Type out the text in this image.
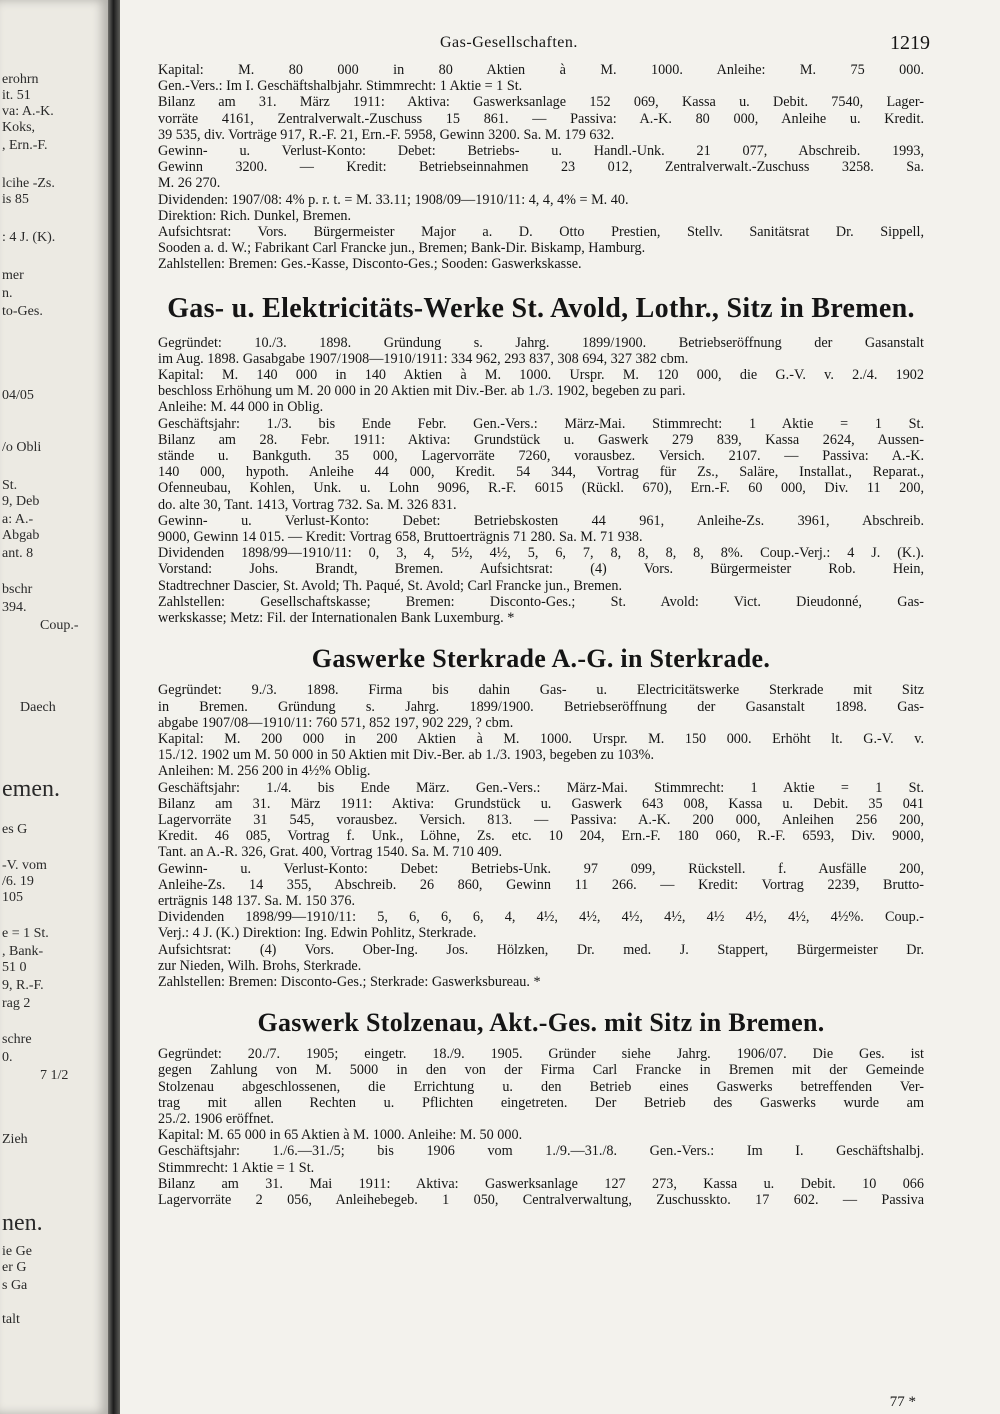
erohrn
it. 51
va: A.-K.
Koks,
, Ern.-F.
lcihe -Zs.
is 85
: 4 J. (K).
mer
n.
to-Ges.
04/05
/o Obli
St.
9, Deb
a: A.-
Abgab
ant. 8
bschr
394.
Coup.-
Daech
emen.
es G
-V. vom
/6. 19
105
e = 1 St.
, Bank-
51 0
9, R.-F.
rag 2
schre
0.
7 1/2
Zieh
nen.
ie Ge
er G
s Ga
talt
Gas-Gesellschaften.	1219
Kapital: M. 80 000 in 80 Aktien à M. 1000. Anleihe: M. 75 000.
Gen.-Vers.: Im I. Geschäftshalbjahr. Stimmrecht: 1 Aktie = 1 St.
Bilanz am 31. März 1911: Aktiva: Gaswerksanlage 152 069, Kassa u. Debit. 7540, Lager-
vorräte 4161, Zentralverwalt.-Zuschuss 15 861. — Passiva: A.-K. 80 000, Anleihe u. Kredit.
39 535, div. Vorträge 917, R.-F. 21, Ern.-F. 5958, Gewinn 3200. Sa. M. 179 632.
Gewinn- u. Verlust-Konto: Debet: Betriebs- u. Handl.-Unk. 21 077, Abschreib. 1993,
Gewinn 3200. — Kredit: Betriebseinnahmen 23 012, Zentralverwalt.-Zuschuss 3258. Sa.
M. 26 270.
Dividenden: 1907/08: 4% p. r. t. = M. 33.11; 1908/09—1910/11: 4, 4, 4% = M. 40.
Direktion: Rich. Dunkel, Bremen.
Aufsichtsrat: Vors. Bürgermeister Major a. D. Otto Prestien, Stellv. Sanitätsrat Dr. Sippell,
Sooden a. d. W.; Fabrikant Carl Francke jun., Bremen; Bank-Dir. Biskamp, Hamburg.
Zahlstellen: Bremen: Ges.-Kasse, Disconto-Ges.; Sooden: Gaswerkskasse.
Gas- u. Elektricitäts-Werke St. Avold, Lothr., Sitz in Bremen.
Gegründet: 10./3. 1898. Gründung s. Jahrg. 1899/1900. Betriebseröffnung der Gasanstalt
im Aug. 1898. Gasabgabe 1907/1908—1910/1911: 334 962, 293 837, 308 694, 327 382 cbm.
Kapital: M. 140 000 in 140 Aktien à M. 1000. Urspr. M. 120 000, die G.-V. v. 2./4. 1902
beschloss Erhöhung um M. 20 000 in 20 Aktien mit Div.-Ber. ab 1./3. 1902, begeben zu pari.
Anleihe: M. 44 000 in Oblig.
Geschäftsjahr: 1./3. bis Ende Febr. Gen.-Vers.: März-Mai. Stimmrecht: 1 Aktie = 1 St.
Bilanz am 28. Febr. 1911: Aktiva: Grundstück u. Gaswerk 279 839, Kassa 2624, Aussen-
stände u. Bankguth. 35 000, Lagervorräte 7260, vorausbez. Versich. 2107. — Passiva: A.-K.
140 000, hypoth. Anleihe 44 000, Kredit. 54 344, Vortrag für Zs., Saläre, Installat., Reparat.,
Ofenneubau, Kohlen, Unk. u. Lohn 9096, R.-F. 6015 (Rückl. 670), Ern.-F. 60 000, Div. 11 200,
do. alte 30, Tant. 1413, Vortrag 732. Sa. M. 326 831.
Gewinn- u. Verlust-Konto: Debet: Betriebskosten 44 961, Anleihe-Zs. 3961, Abschreib.
9000, Gewinn 14 015. — Kredit: Vortrag 658, Bruttoerträgnis 71 280. Sa. M. 71 938.
Dividenden 1898/99—1910/11: 0, 3, 4, 5½, 4½, 5, 6, 7, 8, 8, 8, 8, 8%. Coup.-Verj.: 4 J. (K.).
Vorstand: Johs. Brandt, Bremen. Aufsichtsrat: (4) Vors. Bürgermeister Rob. Hein,
Stadtrechner Dascier, St. Avold; Th. Paqué, St. Avold; Carl Francke jun., Bremen.
Zahlstellen: Gesellschaftskasse; Bremen: Disconto-Ges.; St. Avold: Vict. Dieudonné, Gas-
werkskasse; Metz: Fil. der Internationalen Bank Luxemburg. *
Gaswerke Sterkrade A.-G. in Sterkrade.
Gegründet: 9./3. 1898. Firma bis dahin Gas- u. Electricitätswerke Sterkrade mit Sitz
in Bremen. Gründung s. Jahrg. 1899/1900. Betriebseröffnung der Gasanstalt 1898. Gas-
abgabe 1907/08—1910/11: 760 571, 852 197, 902 229, ? cbm.
Kapital: M. 200 000 in 200 Aktien à M. 1000. Urspr. M. 150 000. Erhöht lt. G.-V. v.
15./12. 1902 um M. 50 000 in 50 Aktien mit Div.-Ber. ab 1./3. 1903, begeben zu 103%.
Anleihen: M. 256 200 in 4½% Oblig.
Geschäftsjahr: 1./4. bis Ende März. Gen.-Vers.: März-Mai. Stimmrecht: 1 Aktie = 1 St.
Bilanz am 31. März 1911: Aktiva: Grundstück u. Gaswerk 643 008, Kassa u. Debit. 35 041
Lagervorräte 31 545, vorausbez. Versich. 813. — Passiva: A.-K. 200 000, Anleihen 256 200,
Kredit. 46 085, Vortrag f. Unk., Löhne, Zs. etc. 10 204, Ern.-F. 180 060, R.-F. 6593, Div. 9000,
Tant. an A.-R. 326, Grat. 400, Vortrag 1540. Sa. M. 710 409.
Gewinn- u. Verlust-Konto: Debet: Betriebs-Unk. 97 099, Rückstell. f. Ausfälle 200,
Anleihe-Zs. 14 355, Abschreib. 26 860, Gewinn 11 266. — Kredit: Vortrag 2239, Brutto-
erträgnis 148 137. Sa. M. 150 376.
Dividenden 1898/99—1910/11: 5, 6, 6, 6, 4, 4½, 4½, 4½, 4½, 4½ 4½, 4½, 4½%. Coup.-
Verj.: 4 J. (K.) Direktion: Ing. Edwin Pohlitz, Sterkrade.
Aufsichtsrat: (4) Vors. Ober-Ing. Jos. Hölzken, Dr. med. J. Stappert, Bürgermeister Dr.
zur Nieden, Wilh. Brohs, Sterkrade.
Zahlstellen: Bremen: Disconto-Ges.; Sterkrade: Gaswerksbureau. *
Gaswerk Stolzenau, Akt.-Ges. mit Sitz in Bremen.
Gegründet: 20./7. 1905; eingetr. 18./9. 1905. Gründer siehe Jahrg. 1906/07. Die Ges. ist
gegen Zahlung von M. 5000 in den von der Firma Carl Francke in Bremen mit der Gemeinde
Stolzenau abgeschlossenen, die Errichtung u. den Betrieb eines Gaswerks betreffenden Ver-
trag mit allen Rechten u. Pflichten eingetreten. Der Betrieb des Gaswerks wurde am
25./2. 1906 eröffnet.
Kapital: M. 65 000 in 65 Aktien à M. 1000. Anleihe: M. 50 000.
Geschäftsjahr: 1./6.—31./5; bis 1906 vom 1./9.—31./8. Gen.-Vers.: Im I. Geschäftshalbj.
Stimmrecht: 1 Aktie = 1 St.
Bilanz am 31. Mai 1911: Aktiva: Gaswerksanlage 127 273, Kassa u. Debit. 10 066
Lagervorräte 2 056, Anleihebegeb. 1 050, Centralverwaltung, Zuschusskto. 17 602. — Passiva
77 *
